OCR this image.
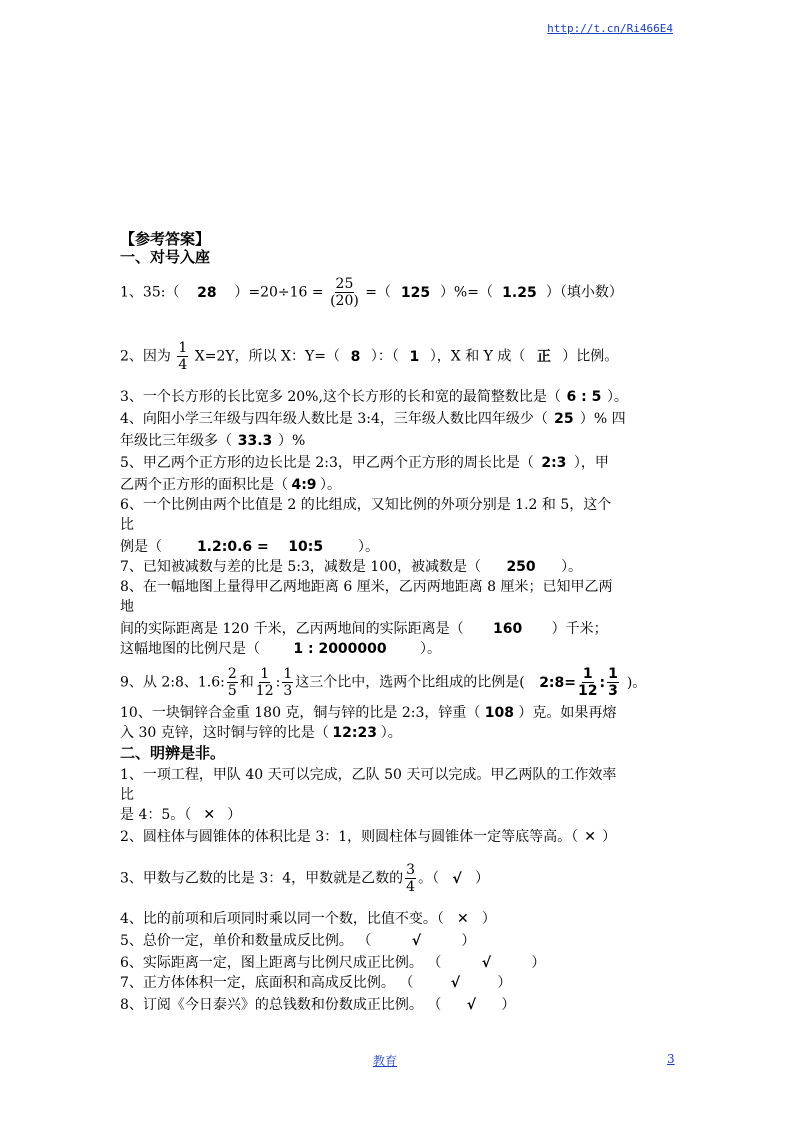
http://t.cn/Ri466E4
【参考答案】
一、对号入座
1、35:（ 28 ）$=20\div 16 = \frac{25}{(20)}$ =（ 125 ）%=（ 1.25 ）（填小数）
2、因为 $\frac{1}{4} X=2Y$，所以 X：Y=（ 8 ）：（ 1 ），X 和 Y 成（ 正 ）比例。
3、一个长方形的长比宽多 20%,这个长方形的长和宽的最简整数比是（ 6 : 5 ）。
4、向阳小学三年级与四年级人数比是 3:4，三年级人数比四年级少（ 25 ）% 四
年级比三年级多（ 33.3 ）%
5、甲乙两个正方形的边长比是 2:3，甲乙两个正方形的周长比是（ 2:3 ），甲
乙两个正方形的面积比是（ 4:9 ）。
6、一个比例由两个比值是 2 的比组成，又知比例的外项分别是 1.2 和 5，这个
比
例是（ 1.2:0.6 =    10:5 ）。
7、已知被减数与差的比是 5:3，减数是 100，被减数是（ 250 ）。
8、在一幅地图上量得甲乙两地距离 6 厘米，乙丙两地距离 8 厘米；已知甲乙两
地
间的实际距离是 120 千米，乙丙两地间的实际距离是（ 160 ）千米；
这幅地图的比例尺是（ 1 : 2000000 ）。
9、从 2:8、1.6: $\frac{2}{5}$ 和 $\frac{1}{12}$ : $\frac{1}{3}$ 这三个比中，选两个比组成的比例是( 2:8= $\frac{1}{12}$ : $\frac{1}{3}$ )。
10、一块铜锌合金重 180 克，铜与锌的比是 2:3，锌重（ 108 ）克。如果再熔
入 30 克锌，这时铜与锌的比是（ 12:23 ）。
二、明辨是非。
1、一项工程，甲队 40 天可以完成，乙队 50 天可以完成。甲乙两队的工作效率
比
是 4：5。（ ✕ ）
2、圆柱体与圆锥体的体积比是 3：1，则圆柱体与圆锥体一定等底等高。（ ✕ ）
3、甲数与乙数的比是 3：4，甲数就是乙数的 $\frac{3}{4}$ 。（ √ ）
4、比的前项和后项同时乘以同一个数，比值不变。（ ✕ ）
5、总价一定，单价和数量成反比例。 （	√	）
6、实际距离一定，图上距离与比例尺成正比例。 （	√	）
7、正方体体积一定，底面积和高成反比例。 （	√	）
8、订阅《今日泰兴》的总钱数和份数成正比例。 （ √ ）
教育	3
